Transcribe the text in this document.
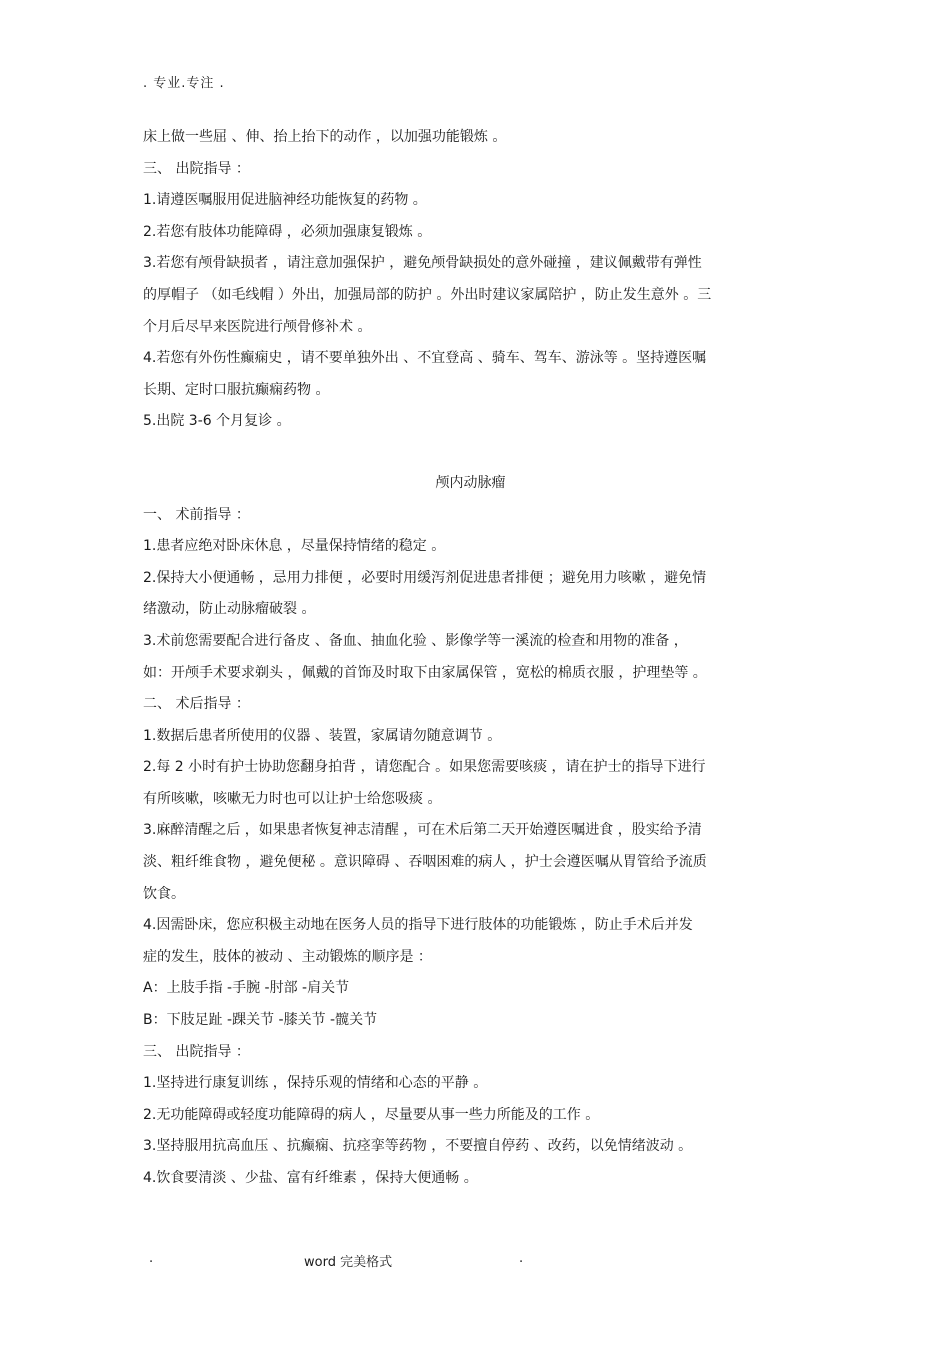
. 专业.专注 .
床上做一些屈 、伸、抬上抬下的动作 ，以加强功能锻炼 。
三、 出院指导 ：
1.请遵医嘱服用促进脑神经功能恢复的药物 。
2.若您有肢体功能障碍 ，必须加强康复锻炼 。
3.若您有颅骨缺损者 ，请注意加强保护 ，避免颅骨缺损处的意外碰撞 ，建议佩戴带有弹性
的厚帽子 （如毛线帽 ）外出，加强局部的防护 。外出时建议家属陪护 ，防止发生意外 。三
个月后尽早来医院进行颅骨修补术 。
4.若您有外伤性癫痫史 ，请不要单独外出 、不宜登高 、骑车、驾车、游泳等 。坚持遵医嘱
长期、定时口服抗癫痫药物 。
5.出院 3-6 个月复诊 。
颅内动脉瘤
一、 术前指导 ：
1.患者应绝对卧床休息 ，尽量保持情绪的稳定 。
2.保持大小便通畅 ，忌用力排便 ，必要时用缓泻剂促进患者排便 ；避免用力咳嗽 ，避免情
绪激动，防止动脉瘤破裂 。
3.术前您需要配合进行备皮 、备血、抽血化验 、影像学等一溪流的检查和用物的准备 ，
如：开颅手术要求剃头 ，佩戴的首饰及时取下由家属保管 ，宽松的棉质衣服 ，护理垫等 。
二、 术后指导 ：
1.数据后患者所使用的仪器 、装置，家属请勿随意调节 。
2.每 2 小时有护士协助您翻身拍背 ，请您配合 。如果您需要咳痰 ，请在护士的指导下进行
有所咳嗽，咳嗽无力时也可以让护士给您吸痰 。
3.麻醉清醒之后 ，如果患者恢复神志清醒 ，可在术后第二天开始遵医嘱进食 ，股实给予清
淡、粗纤维食物 ，避免便秘 。意识障碍 、吞咽困难的病人 ，护士会遵医嘱从胃管给予流质
饮食。
4.因需卧床，您应积极主动地在医务人员的指导下进行肢体的功能锻炼 ，防止手术后并发
症的发生，肢体的被动 、主动锻炼的顺序是 ：
A：上肢手指 -手腕 -肘部 -肩关节
B：下肢足趾 -踝关节 -膝关节 -髋关节
三、 出院指导 ：
1.坚持进行康复训练 ，保持乐观的情绪和心态的平静 。
2.无功能障碍或轻度功能障碍的病人 ，尽量要从事一些力所能及的工作 。
3.坚持服用抗高血压 、抗癫痫、抗痉挛等药物 ，不要擅自停药 、改药，以免情绪波动 。
4.饮食要清淡 、少盐、富有纤维素 ，保持大便通畅 。
.	word 完美格式	.
